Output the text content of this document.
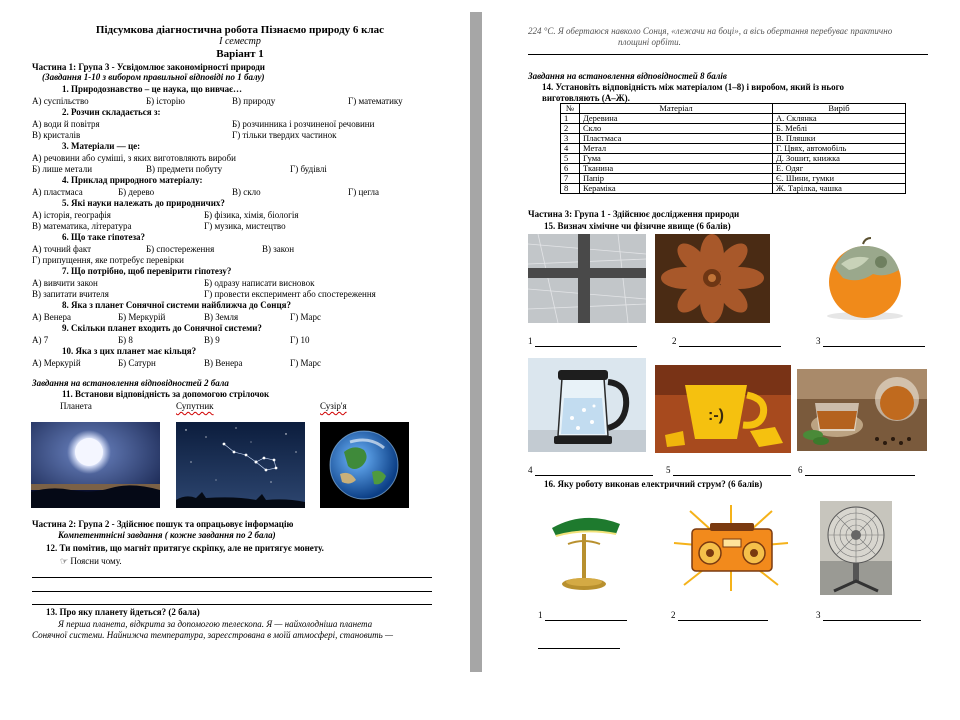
Підсумкова діагностична робота Пізнаємо природу 6 клас
І семестр
Варіант 1
Частина 1: Група 3 - Усвідомлює закономірності природи
(Завдання 1-10 з вибором правильної відповіді по 1 балу)
1. Природознавство – це наука, що вивчає…
А) суспільство	Б) історію	В) природу	Г) математику
2. Розчин складається з:
А) води й повітря	Б) розчинника і розчиненої речовини
В) кристалів	Г) тільки твердих частинок
3. Матеріали — це:
А) речовини або суміші, з яких виготовляють вироби
Б) лише метали	В) предмети побуту	Г) будівлі
4. Приклад природного матеріалу:
А) пластмаса	Б) дерево	В) скло	Г) цегла
5. Які науки належать до природничих?
А) історія, географія	Б) фізика, хімія, біологія
В) математика, література	Г) музика, мистецтво
6. Що таке гіпотеза?
А) точний факт	Б) спостереження	В) закон
Г) припущення, яке потребує перевірки
7. Що потрібно, щоб перевірити гіпотезу?
А) вивчити закон	Б) одразу написати висновок
В) запитати вчителя	Г) провести експеримент або спостереження
8. Яка з планет Сонячної системи найближча до Сонця?
А) Венера	Б) Меркурій	В) Земля	Г) Марс
9. Скільки планет входить до Сонячної системи?
А) 7	Б) 8	В) 9	Г) 10
10. Яка з цих планет має кільця?
А) Меркурій	Б) Сатурн	В) Венера	Г) Марс
Завдання на встановлення відповідностей 2 бала
11. Встанови відповідність за допомогою стрілочок
Планета	Супутник	Сузір'я
Частина 2: Група 2 - Здійснює пошук та опрацьовує інформацію
Компетентнісні завдання ( кожне завдання по 2 бала)
12. Ти помітив, що магніт притягує скріпку, але не притягує монету.
☞ Поясни чому.
13. Про яку планету йдеться? (2 бала)
Я перша планета, відкрита за допомогою телескопа. Я — найхолодніша планета
Сонячної системи. Найнижча температура, зареєстрована в моїй атмосфері, становить —
224 °С. Я обертаюся навколо Сонця, «лежачи на боці», а вісь обертання перебуває практично
площині орбіти.
Завдання на встановлення відповідностей 8 балів
14. Установіть відповідність між матеріалом (1–8) і виробом, який із нього
виготовляють (А–Ж).
№	Матеріал	Виріб
1	Деревина	А. Склянка
2	Скло	Б. Меблі
3	Пластмаса	В. Пляшки
4	Метал	Г. Цвях, автомобіль
5	Гума	Д. Зошит, книжка
6	Тканина	Е. Одяг
7	Папір	Є. Шини, гумки
8	Кераміка	Ж. Тарілка, чашка
Частина 3: Група 1 - Здійснює дослідження природи
15. Визнач хімічне чи фізичне явище (6 балів)
1	2	3
:-)
4	5	6
16. Яку роботу виконав електричний струм? (6 балів)
1	2	3
